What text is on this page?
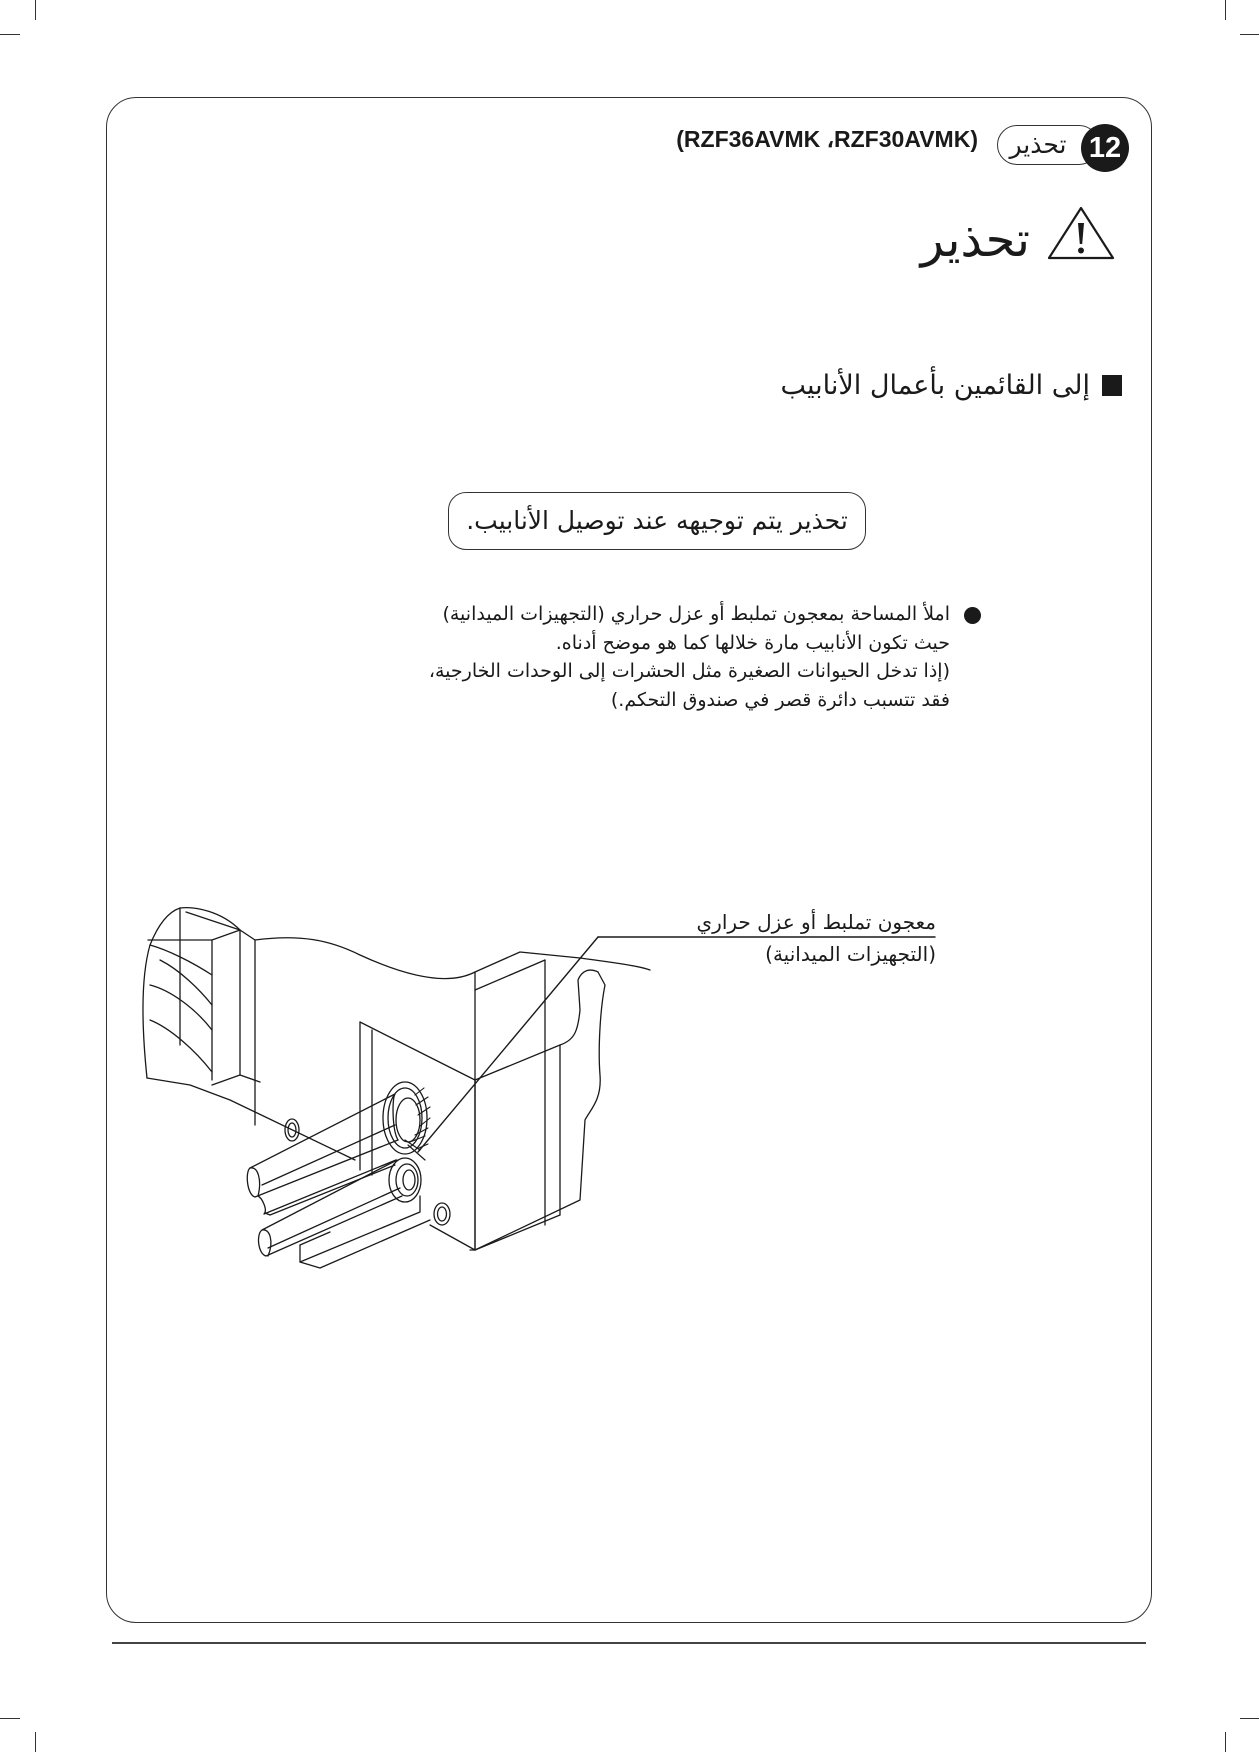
(RZF36AVMK ،RZF30AVMK)	تحذير 12
تحذير
إلى القائمين بأعمال الأنابيب
تحذير يتم توجيهه عند توصيل الأنابيب.
املأ المساحة بمعجون تملبط أو عزل حراري (التجهيزات الميدانية)
حيث تكون الأنابيب مارة خلالها كما هو موضح أدناه.
(إذا تدخل الحيوانات الصغيرة مثل الحشرات إلى الوحدات الخارجية،
فقد تتسبب دائرة قصر في صندوق التحكم.)
معجون تملبط أو عزل حراري
(التجهيزات الميدانية)
